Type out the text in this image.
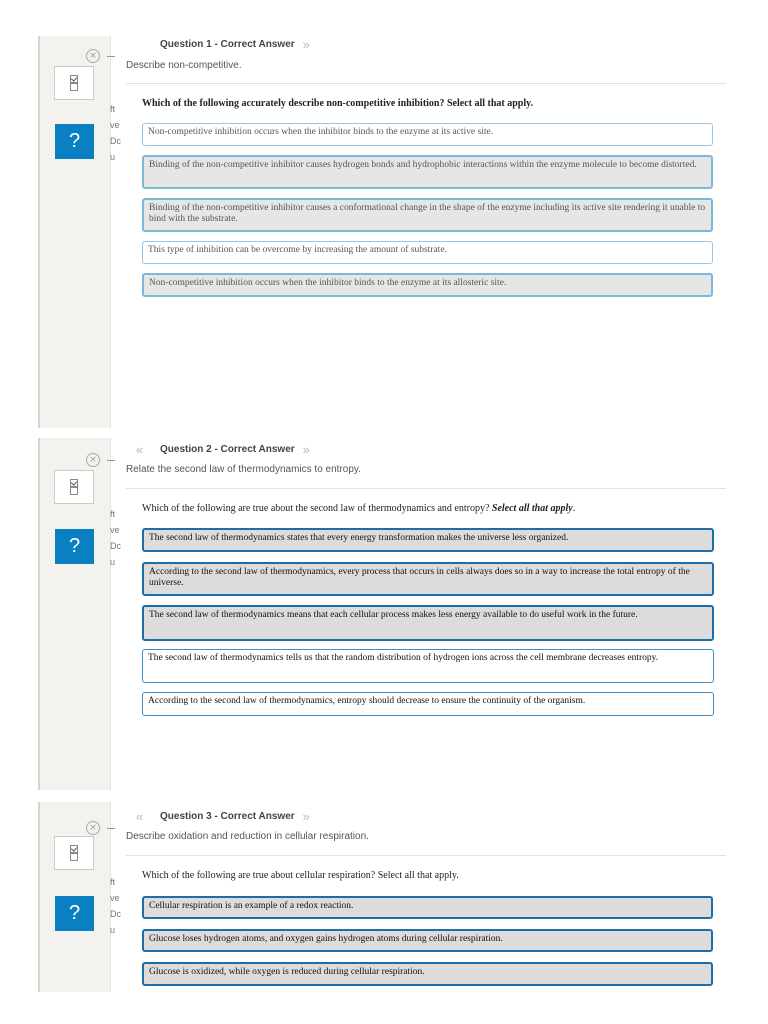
?
ft
ve
Dc
u
×
Question 1 - Correct Answer »
Describe non-competitive.
Which of the following accurately describe non-competitive inhibition? Select all that apply.
Non-competitive inhibition occurs when the inhibitor binds to the enzyme at its active site.
Binding of the non-competitive inhibitor causes hydrogen bonds and hydrophobic interactions within the enzyme molecule to become distorted.
Binding of the non-competitive inhibitor causes a conformational change in the shape of the enzyme including its active site rendering it unable to bind with the substrate.
This type of inhibition can be overcome by increasing the amount of substrate.
Non-competitive inhibition occurs when the inhibitor binds to the enzyme at its allosteric site.
?
ft
ve
Dc
u
×
«	Question 2 - Correct Answer »
Relate the second law of thermodynamics to entropy.
Which of the following are true about the second law of thermodynamics and entropy? Select all that apply.
The second law of thermodynamics states that every energy transformation makes the universe less organized.
According to the second law of thermodynamics, every process that occurs in cells always does so in a way to increase the total entropy of the universe.
The second law of thermodynamics means that each cellular process makes less energy available to do useful work in the future.
The second law of thermodynamics tells us that the random distribution of hydrogen ions across the cell membrane decreases entropy.
According to the second law of thermodynamics, entropy should decrease to ensure the continuity of the organism.
?
ft
ve
Dc
u
×
«	Question 3 - Correct Answer »
Describe oxidation and reduction in cellular respiration.
Which of the following are true about cellular respiration? Select all that apply.
Cellular respiration is an example of a redox reaction.
Glucose loses hydrogen atoms, and oxygen gains hydrogen atoms during cellular respiration.
Glucose is oxidized, while oxygen is reduced during cellular respiration.
